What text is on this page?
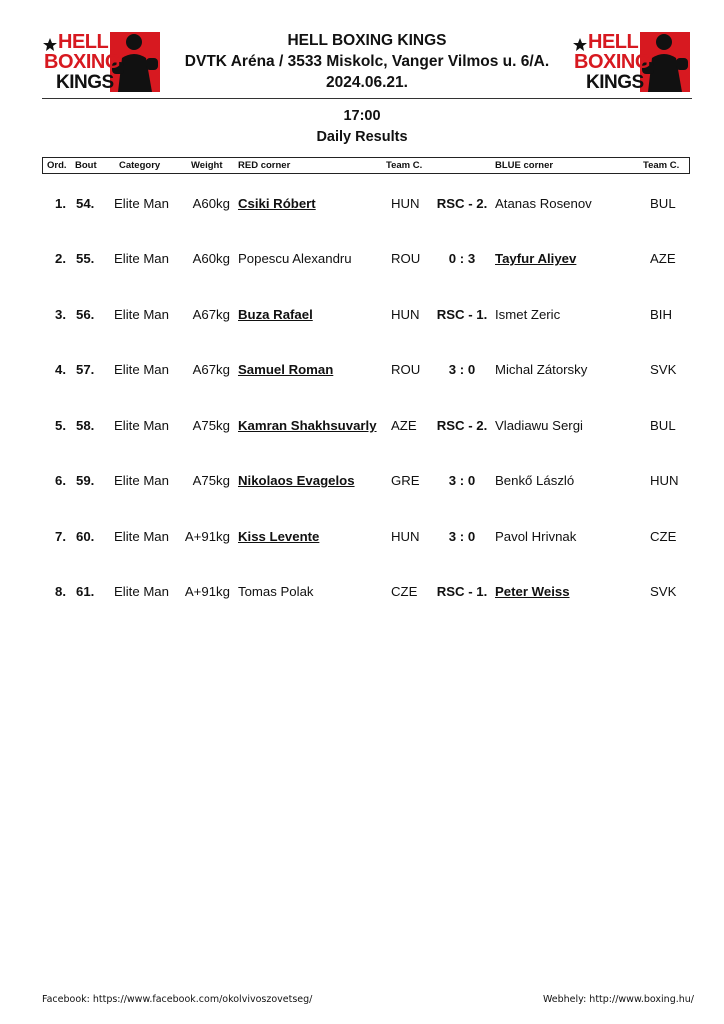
HELL
BOXING
KINGS
HELL
BOXING
KINGS
HELL BOXING KINGS
DVTK Aréna / 3533 Miskolc, Vanger Vilmos u. 6/A.
2024.06.21.
17:00
Daily Results
Ord. Bout Category	Weight RED corner	Team C.	BLUE corner	Team C.
1. 54. Elite Man	A60kg Csiki Róbert	HUN	RSC - 2. Atanas Rosenov	BUL
2. 55. Elite Man	A60kg Popescu Alexandru	ROU	0 : 3	Tayfur Aliyev	AZE
3. 56. Elite Man	A67kg Buza Rafael	HUN	RSC - 1. Ismet Zeric	BIH
4. 57. Elite Man	A67kg Samuel Roman	ROU	3 : 0	Michal Zátorsky	SVK
5. 58. Elite Man	A75kg Kamran Shakhsuvarly AZE	RSC - 2. Vladiawu Sergi	BUL
6. 59. Elite Man	A75kg Nikolaos Evagelos	GRE	3 : 0	Benkő László	HUN
7. 60. Elite Man A+91kg Kiss Levente	HUN	3 : 0	Pavol Hrivnak	CZE
8. 61. Elite Man A+91kg Tomas Polak	CZE	RSC - 1. Peter Weiss	SVK
Facebook: https://www.facebook.com/okolvivoszovetseg/	Webhely: http://www.boxing.hu/
